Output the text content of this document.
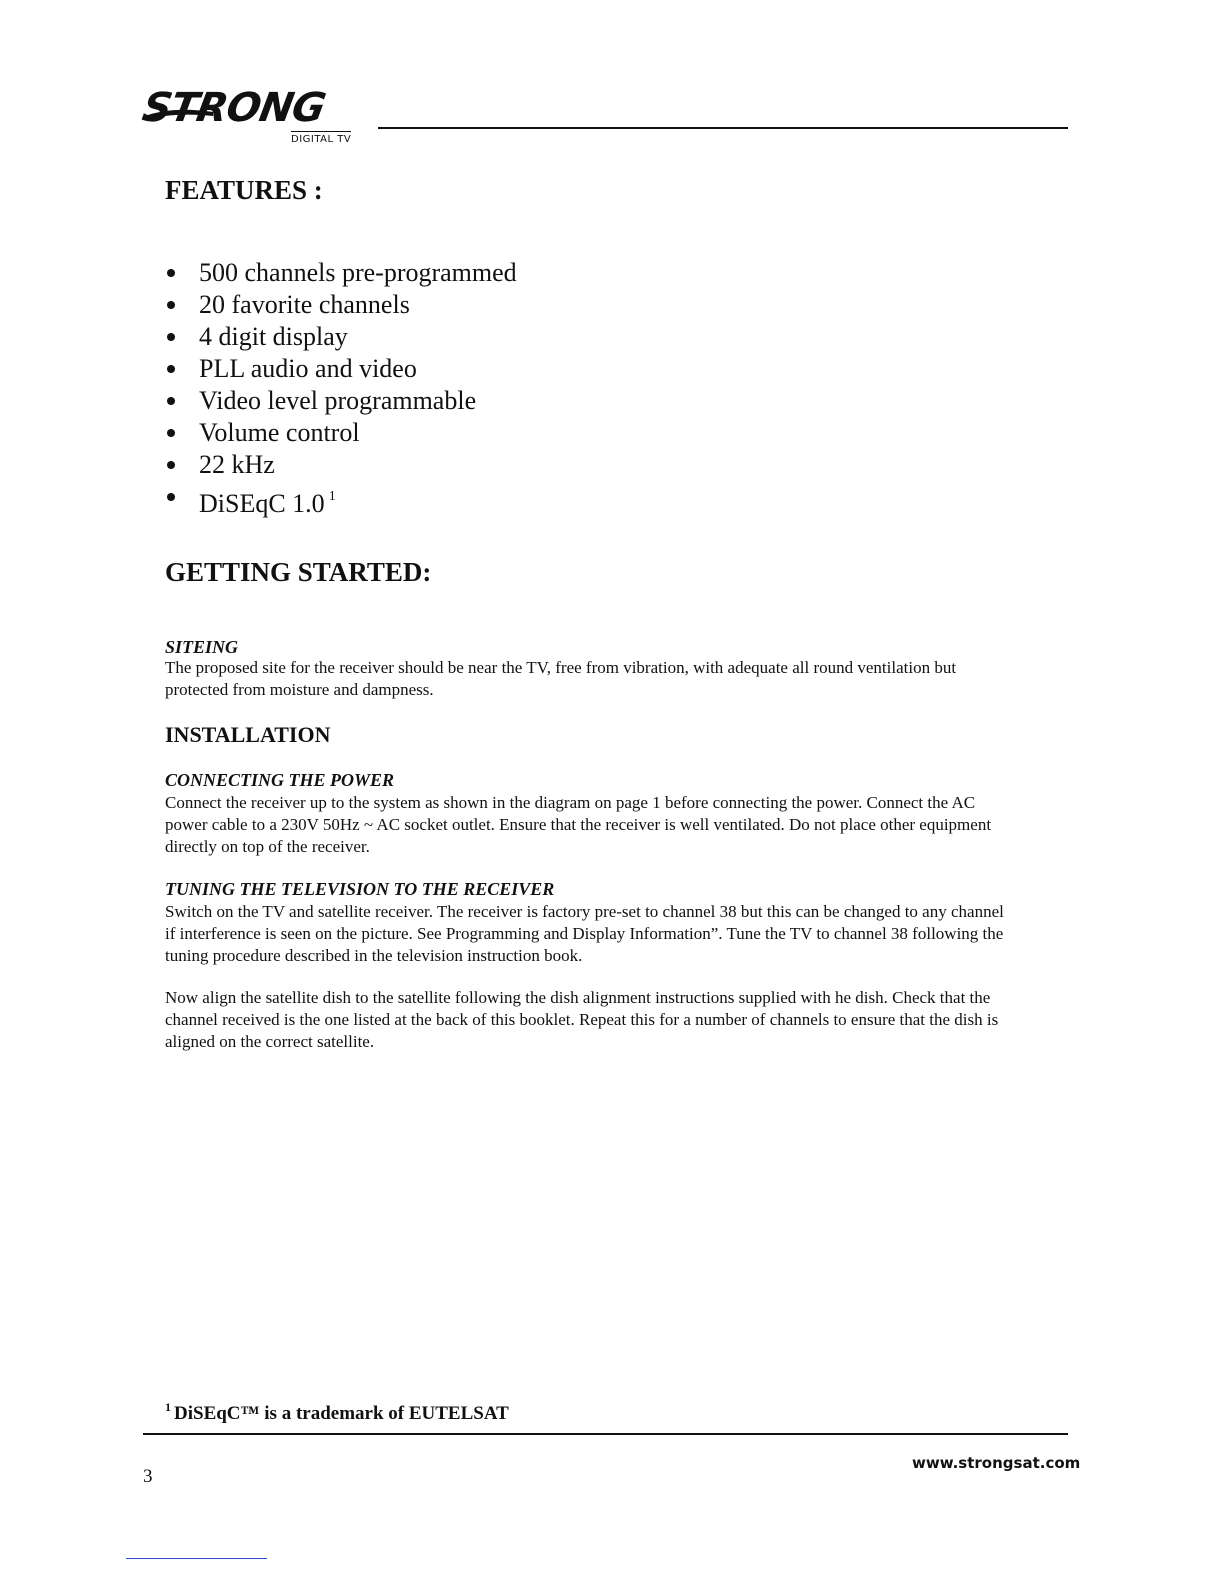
STRONG
DIGITAL TV
FEATURES :
500 channels pre-programmed
20 favorite channels
4 digit display
PLL audio and video
Video level programmable
Volume control
22 kHz
DiSEqC 1.0 $^1$
GETTING STARTED:
SITEING
The proposed site for the receiver should be near the TV, free from vibration, with adequate all round ventilation but protected from moisture and dampness.
INSTALLATION
CONNECTING THE POWER
Connect the receiver up to the system as shown in the diagram on page 1 before connecting the power. Connect the AC power cable to a 230V 50Hz ~ AC socket outlet. Ensure that the receiver is well ventilated. Do not place other equipment directly on top of the receiver.
TUNING THE TELEVISION TO THE RECEIVER
Switch on the TV and satellite receiver. The receiver is factory pre-set to channel 38 but this can be changed to any channel if interference is seen on the picture. See Programming and Display Information”. Tune the TV to channel 38 following the tuning procedure described in the television instruction book.
Now align the satellite dish to the satellite following the dish alignment instructions supplied with he dish. Check that the channel received is the one listed at the back of this booklet. Repeat this for a number of channels to ensure that the dish is aligned on the correct satellite.
$^1$ DiSEqC™ is a trademark of EUTELSAT
3
www.strongsat.com
